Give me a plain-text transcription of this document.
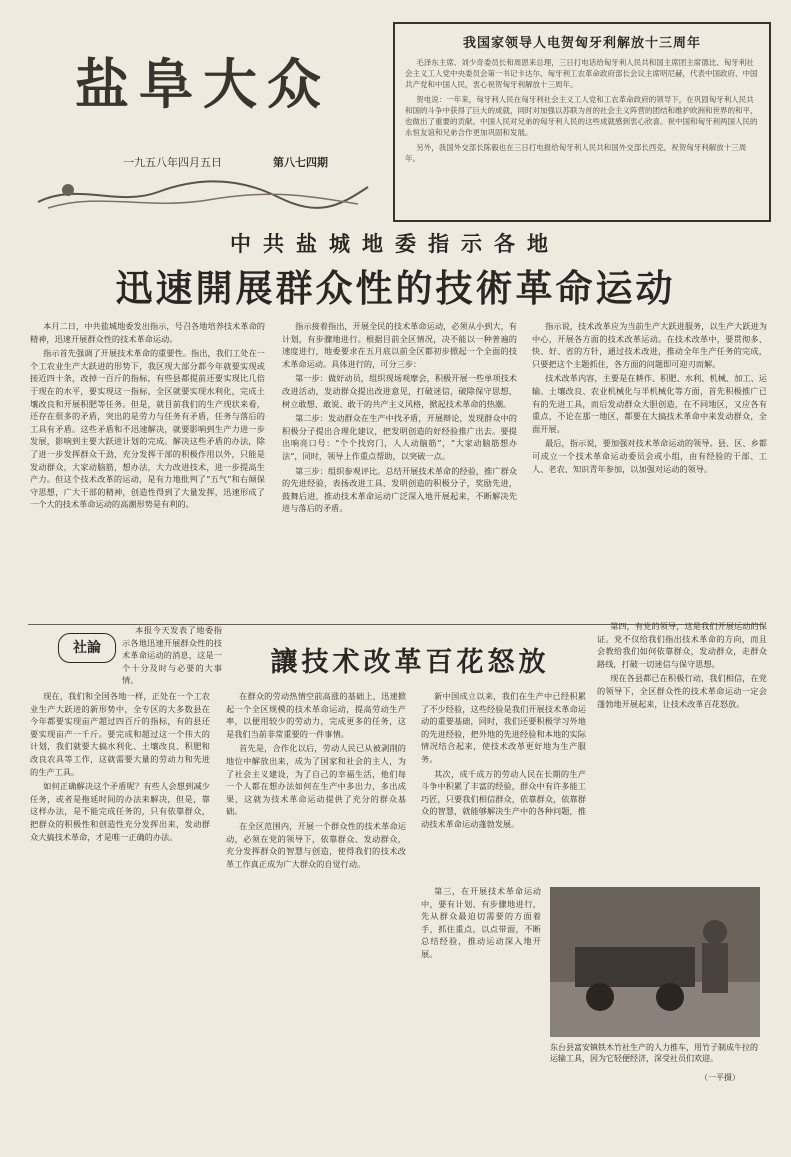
盐阜大众
一九五八年四月五日	第八七四期
我国家领导人电贺匈牙利解放十三周年

毛泽东主席、刘少奇委员长和周恩来总理，三日打电话给匈牙利人民共和国主席团主席德比、匈牙利社会主义工人党中央委员会第一书记卡达尔、匈牙利工农革命政府部长会议主席明尼赫，代表中国政府、中国共产党和中国人民，衷心祝贺匈牙利解放十三周年。

贺电说：一年来，匈牙利人民在匈牙利社会主义工人党和工农革命政府的领导下，在巩固匈牙利人民共和国的斗争中获得了巨大的成就，同时对加强以苏联为首的社会主义阵营的团结和维护欧洲和世界的和平，也做出了重要的贡献。中国人民对兄弟的匈牙利人民的这些成就感到衷心欣喜。祝中国和匈牙利两国人民的永恒友谊和兄弟合作更加巩固和发展。

另外，我国外交部长陈毅也在三日打电报给匈牙利人民共和国外交部长西克，祝贺匈牙利解放十三周年。

中共盐城地委指示各地
迅速開展群众性的技術革命运动

本月二日，中共盐城地委发出指示，号召各地培养技术革命的精神，迅速开展群众性的技术革命运动。

指示首先强调了开展技术革命的重要性。指出，我们工处在一个工农业生产大跃进的形势下，我区现大部分都今年就要实现或接近四十条，改掉一百斤的指标，有些县都提前还要实现比几倍于现在的水平，要实现这一指标，全区就要实现水利化，完成土壤改良和开展积肥等任务。但是，就目前我们的生产现状来看，还存在很多的矛盾，突出的是劳力与任务有矛盾，任务与落后的工具有矛盾。这些矛盾和不迅速解决，就要影响到生产力进一步发展，影响到主要大跃进计划的完成。解决这些矛盾的办法，除了进一步发挥群众干劲，充分发挥干部的积极作用以外，只能是发动群众，大家动脑筋，想办法，大力改进技术，进一步提高生产力。但这个技术改革的运动，是有力地批判了“五气”和右倾保守思想，广大干部的精神，创造性得到了大量发挥，迅速形成了一个大的技术革命运动的高潮形势是有利的。

指示接着指出，开展全民的技术革命运动，必须从小到大，有计划，有步骤地进行。根据目前全区情况，决不能以一种普遍的速度进行，地委要求在五月底以前全区都初步掀起一个全面的技术革命运动。具体进行的，可分三步：

第一步：做好动员，组织现场观摩会，积极开展一些单项技术改进活动，发动群众提出改进意见，打破迷信，破除保守思想，树立敢想、敢说、敢干的共产主义风格，掀起技术革命的热潮。

第二步：发动群众在生产中找矛盾，开展辩论，发现群众中的积极分子提出合理化建议，把发明创造的好经验推广出去。要提出响亮口号：“个个找窍门，人人动脑筋”，“大家动脑筋想办法”，同时，领导上作重点帮助，以突破一点。

第三步：组织参观评比。总结开展技术革命的经验，推广群众的先进经验，表扬改进工具、发明创造的积极分子，奖励先进，鼓舞后进，推动技术革命运动广泛深入地开展起来，不断解决先进与落后的矛盾。

指示说，技术改革应为当前生产大跃进服务，以生产大跃进为中心，开展各方面的技术改革运动。在技术改革中，要贯彻多、快、好、省的方针，通过技术改进，推动全年生产任务的完成，只要把这个主题抓住，各方面的问题即可迎刃而解。

技术改革内容，主要是在耕作、积肥、水利、机械、加工、运输、土壤改良、农业机械化与半机械化等方面，首先积极推广已有的先进工具，而后发动群众大胆创造，在不同地区，又应各有重点，不论在那一地区，都要在大搞技术革命中来发动群众，全面开展。

最后，指示说，要加强对技术革命运动的领导。县、区、乡都可成立一个技术革命运动委员会或小组，由有经验的干部、工人、老农、知识青年参加，以加强对运动的领导。

社論

本报今天发表了地委指示各地迅速开展群众性的技术革命运动的消息，这是一个十分及时与必要的大事情。

讓技术改革百花怒放

现在，我们和全国各地一样，正处在一个工农业生产大跃进的新形势中，全专区的大多数县在今年都要实现亩产超过四百斤的指标，有的县还要实现亩产一千斤。要完成和超过这一个伟大的计划，我们就要大搞水利化、土壤改良、积肥和改良农具等工作，这就需要大量的劳动力和先进的生产工具。

如何正确解决这个矛盾呢？有些人会想到减少任务，或者是拖延时间的办法来解决，但是，靠这样办法，是不能完成任务的，只有依靠群众，把群众的积极性和创造性充分发挥出来，发动群众大搞技术革命，才是唯一正确的办法。

在群众的劳动热情空前高涨的基础上，迅速掀起一个全区规模的技术革命运动，提高劳动生产率，以便用较少的劳动力，完成更多的任务，这是我们当前非常重要的一件事情。

首先是，合作化以后，劳动人民已从被剥削的地位中解放出来，成为了国家和社会的主人，为了社会主义建设，为了自己的幸福生活，他们每一个人都在想办法如何在生产中多出力，多出成果，这就为技术革命运动提供了充分的群众基础。

在全区范围内，开展一个群众性的技术革命运动，必须在党的领导下，依靠群众、发动群众，充分发挥群众的智慧与创造，使得我们的技术改革工作真正成为广大群众的自觉行动。

新中国成立以来，我们在生产中已经积累了不少经验，这些经验是我们开展技术革命运动的重要基础，同时，我们还要积极学习外地的先进经验，把外地的先进经验和本地的实际情况结合起来，使技术改革更好地为生产服务。

其次，成千成万的劳动人民在长期的生产斗争中积累了丰富的经验，群众中有许多能工巧匠，只要我们相信群众，依靠群众，依靠群众的智慧，就能够解决生产中的各种问题，推动技术革命运动蓬勃发展。

第三，在开展技术革命运动中，要有计划、有步骤地进行，先从群众最迫切需要的方面着手，抓住重点，以点带面，不断总结经验，推动运动深入地开展。

第四，有党的领导，这是我们开展运动的保证。党不仅给我们指出技术革命的方向，而且会教给我们如何依靠群众，发动群众，走群众路线，打破一切迷信与保守思想。

现在各县都已在积极行动，我们相信，在党的领导下，全区群众性的技术革命运动一定会蓬勃地开展起来，让技术改革百花怒放。

东台县富安镇铁木竹社生产的人力推车，用竹子制成牛拉的运输工具，因为它轻便经济，深受社员们欢迎。
（一平摄）
